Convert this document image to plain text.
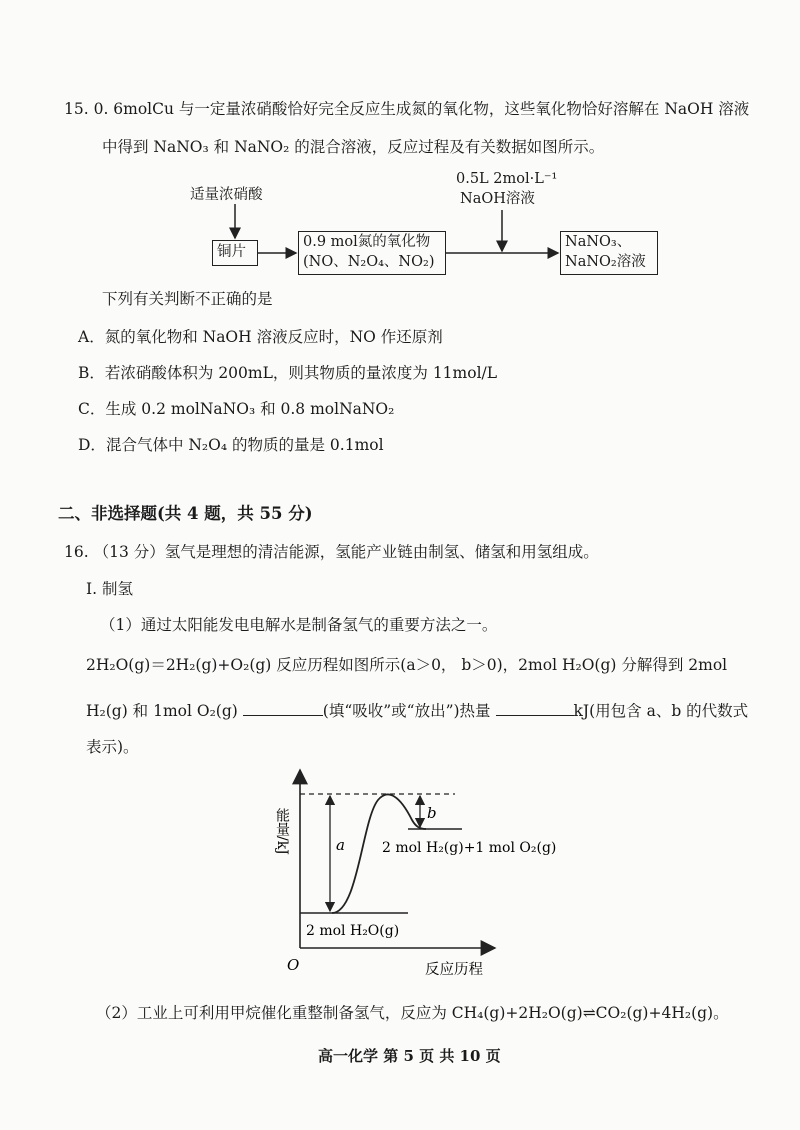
15. 0. 6molCu 与一定量浓硝酸恰好完全反应生成氮的氧化物，这些氧化物恰好溶解在 NaOH 溶液
中得到 NaNO₃ 和 NaNO₂ 的混合溶液，反应过程及有关数据如图所示。
适量浓硝酸
0.5L 2mol·L⁻¹
NaOH溶液
铜片
0.9 mol氮的氧化物
(NO、N₂O₄、NO₂)
NaNO₃、
NaNO₂溶液
下列有关判断不正确的是
A．氮的氧化物和 NaOH 溶液反应时，NO 作还原剂
B．若浓硝酸体积为 200mL，则其物质的量浓度为 11mol/L
C．生成 0.2 molNaNO₃ 和 0.8 molNaNO₂
D．混合气体中 N₂O₄ 的物质的量是 0.1mol
二、非选择题(共 4 题，共 55 分)
16. （13 分）氢气是理想的清洁能源，氢能产业链由制氢、储氢和用氢组成。
I. 制氢
（1）通过太阳能发电电解水是制备氢气的重要方法之一。
2H₂O(g)＝2H₂(g)+O₂(g) 反应历程如图所示(a＞0， b＞0)，2mol H₂O(g) 分解得到 2mol
H₂(g) 和 1mol O₂(g)	(填“吸收”或“放出”)热量	kJ(用包含 a、b 的代数式
表示)。
能量/kJ
反应历程
O
a
b
2 mol H₂(g)+1 mol O₂(g)
2 mol H₂O(g)
（2）工业上可利用甲烷催化重整制备氢气，反应为 CH₄(g)+2H₂O(g)⇌CO₂(g)+4H₂(g)。
高一化学 第 5 页 共 10 页
